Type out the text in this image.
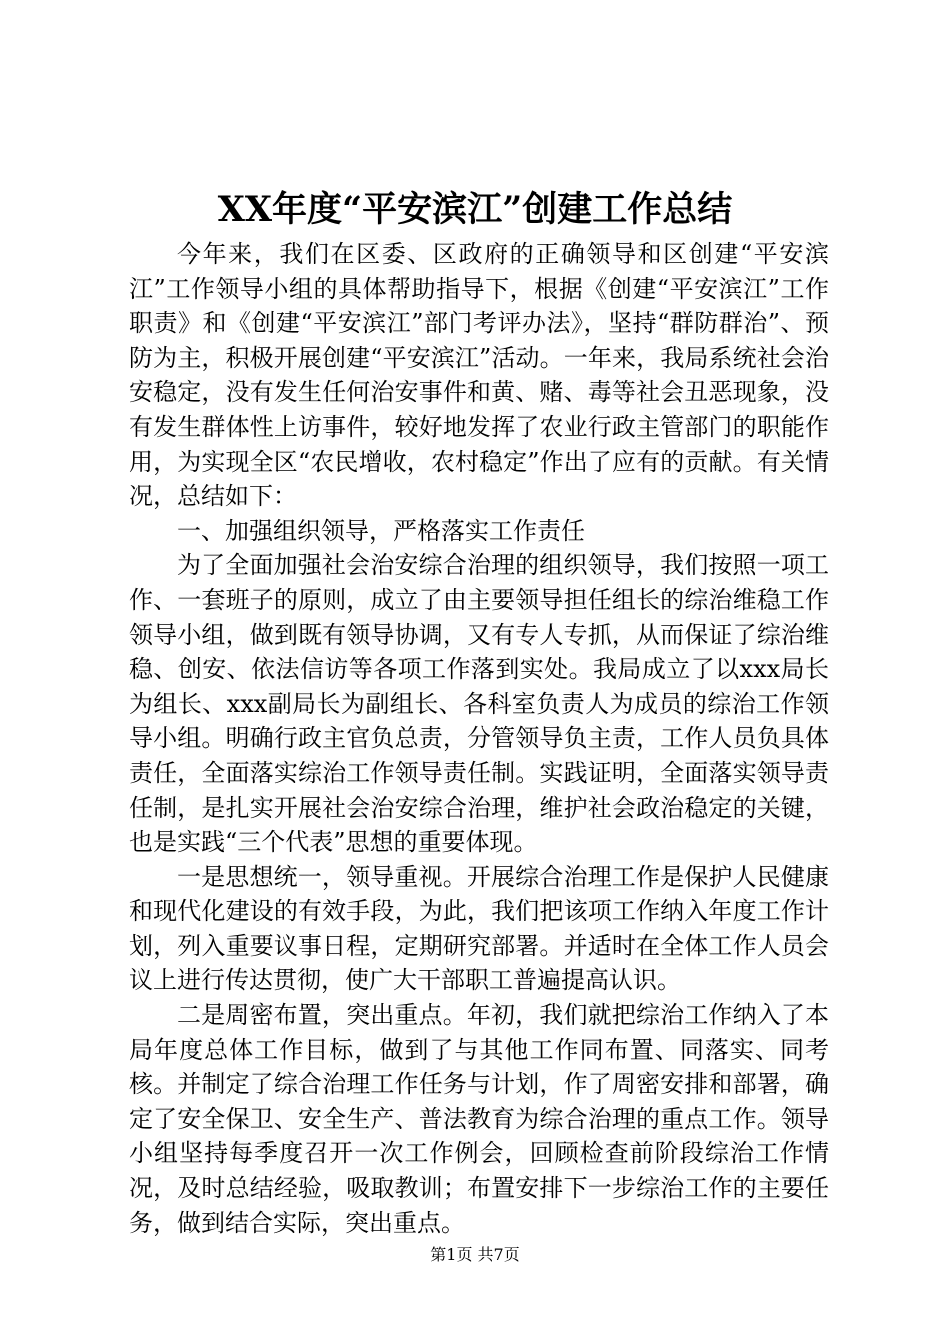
XX年度“平安滨江”创建工作总结

今年来，我们在区委、区政府的正确领导和区创建“平安滨江”工作领导小组的具体帮助指导下，根据《创建“平安滨江”工作职责》和《创建“平安滨江”部门考评办法》，坚持“群防群治”、预防为主，积极开展创建“平安滨江”活动。一年来，我局系统社会治安稳定，没有发生任何治安事件和黄、赌、毒等社会丑恶现象，没有发生群体性上访事件，较好地发挥了农业行政主管部门的职能作用，为实现全区“农民增收，农村稳定”作出了应有的贡献。有关情况，总结如下：

一、加强组织领导，严格落实工作责任

为了全面加强社会治安综合治理的组织领导，我们按照一项工作、一套班子的原则，成立了由主要领导担任组长的综治维稳工作领导小组，做到既有领导协调，又有专人专抓，从而保证了综治维稳、创安、依法信访等各项工作落到实处。我局成立了以xxx局长为组长、xxx副局长为副组长、各科室负责人为成员的综治工作领导小组。明确行政主官负总责，分管领导负主责，工作人员负具体责任，全面落实综治工作领导责任制。实践证明，全面落实领导责任制，是扎实开展社会治安综合治理，维护社会政治稳定的关键，也是实践“三个代表”思想的重要体现。

一是思想统一，领导重视。开展综合治理工作是保护人民健康和现代化建设的有效手段，为此，我们把该项工作纳入年度工作计划，列入重要议事日程，定期研究部署。并适时在全体工作人员会议上进行传达贯彻，使广大干部职工普遍提高认识。

二是周密布置，突出重点。年初，我们就把综治工作纳入了本局年度总体工作目标，做到了与其他工作同布置、同落实、同考核。并制定了综合治理工作任务与计划，作了周密安排和部署，确定了安全保卫、安全生产、普法教育为综合治理的重点工作。领导小组坚持每季度召开一次工作例会，回顾检查前阶段综治工作情况，及时总结经验，吸取教训；布置安排下一步综治工作的主要任务，做到结合实际，突出重点。

第1页 共7页
